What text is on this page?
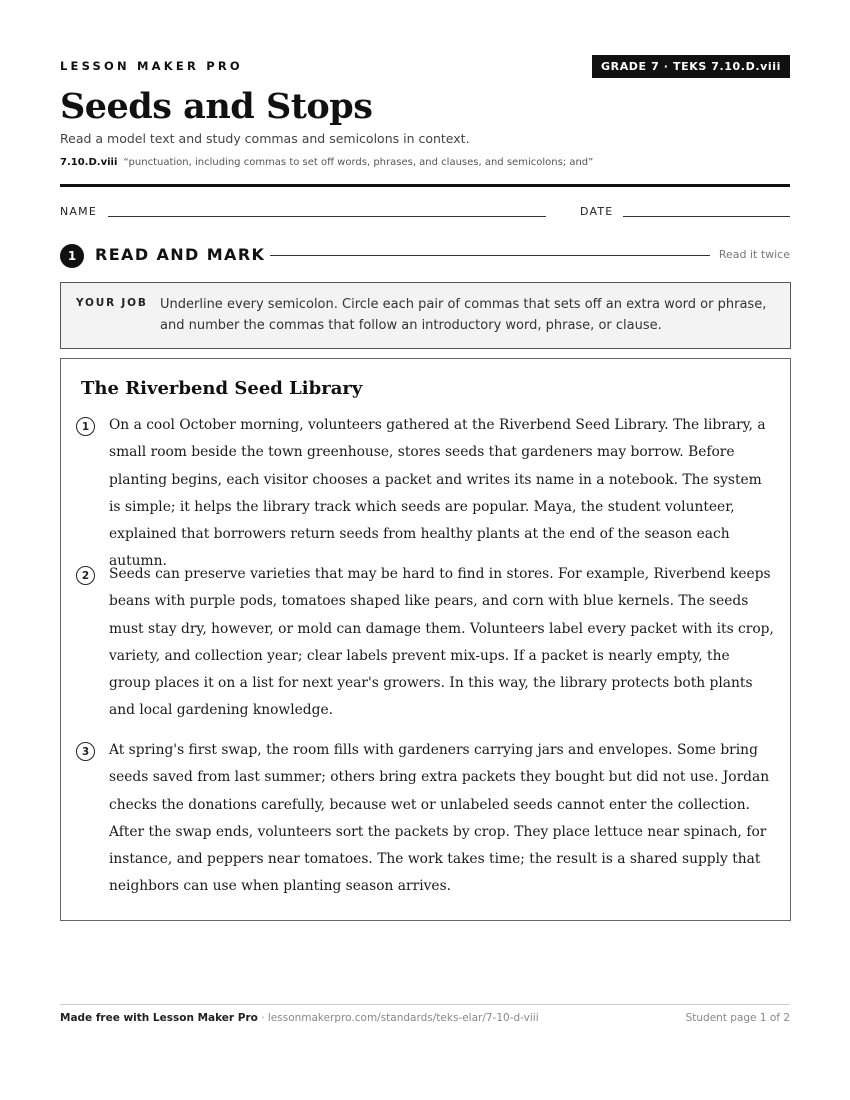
LESSON MAKER PRO	GRADE 7 · TEKS 7.10.D.viii
Seeds and Stops
Read a model text and study commas and semicolons in context.
7.10.D.viii “punctuation, including commas to set off words, phrases, and clauses, and semicolons; and”
NAME	DATE
1	READ AND MARK	Read it twice
YOUR JOB Underline every semicolon. Circle each pair of commas that sets off an extra word or phrase, and number the commas that follow an introductory word, phrase, or clause.
The Riverbend Seed Library
1	On a cool October morning, volunteers gathered at the Riverbend Seed Library. The library, a small room beside the town greenhouse, stores seeds that gardeners may borrow. Before planting begins, each visitor chooses a packet and writes its name in a notebook. The system is simple; it helps the library track which seeds are popular. Maya, the student volunteer, explained that borrowers return seeds from healthy plants at the end of the season each autumn.
2	Seeds can preserve varieties that may be hard to find in stores. For example, Riverbend keeps beans with purple pods, tomatoes shaped like pears, and corn with blue kernels. The seeds must stay dry, however, or mold can damage them. Volunteers label every packet with its crop, variety, and collection year; clear labels prevent mix-ups. If a packet is nearly empty, the group places it on a list for next year's growers. In this way, the library protects both plants and local gardening knowledge.
3	At spring's first swap, the room fills with gardeners carrying jars and envelopes. Some bring seeds saved from last summer; others bring extra packets they bought but did not use. Jordan checks the donations carefully, because wet or unlabeled seeds cannot enter the collection. After the swap ends, volunteers sort the packets by crop. They place lettuce near spinach, for instance, and peppers near tomatoes. The work takes time; the result is a shared supply that neighbors can use when planting season arrives.
Made free with Lesson Maker Pro · lessonmakerpro.com/standards/teks-elar/7-10-d-viii	Student page 1 of 2
